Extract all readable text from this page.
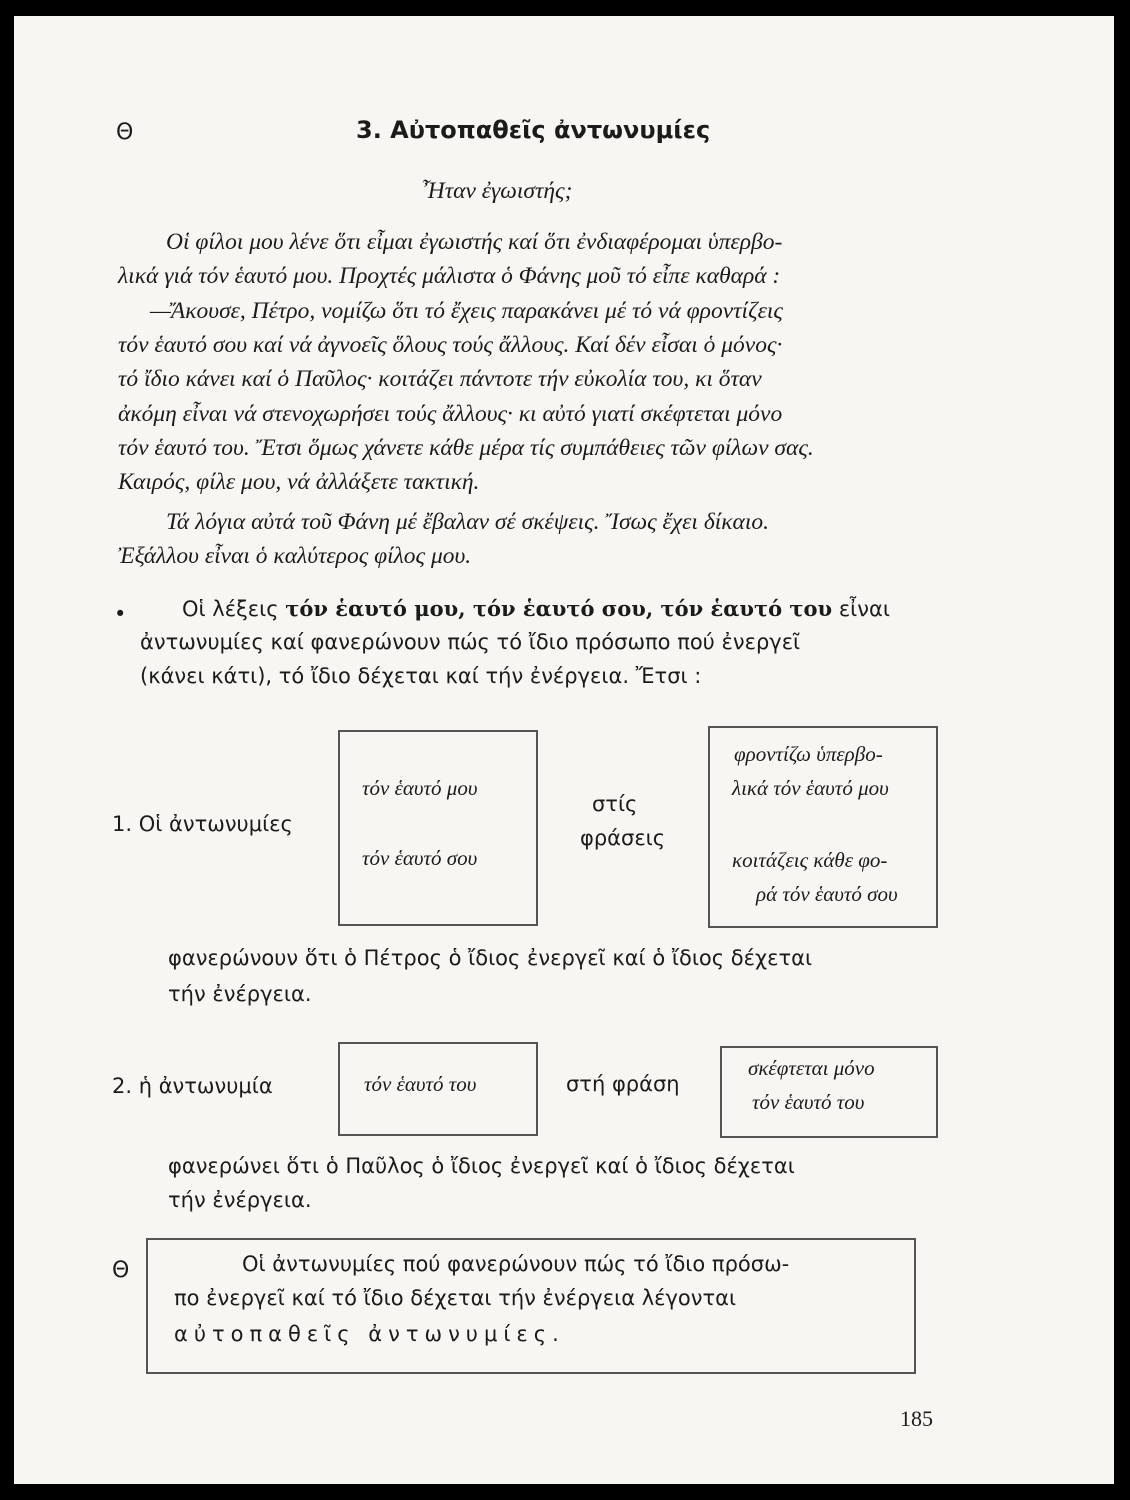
Θ	3. Αὐτοπαθεῖς ἀντωνυμίες
Ἦταν ἐγωιστής;
Οἱ φίλοι μου λένε ὅτι εἶμαι ἐγωιστής καί ὅτι ἐνδιαφέρομαι ὑπερβο-
λικά γιά τόν ἑαυτό μου. Προχτές μάλιστα ὁ Φάνης μοῦ τό εἶπε καθαρά :
—Ἄκουσε, Πέτρο, νομίζω ὅτι τό ἔχεις παρακάνει μέ τό νά φροντίζεις
τόν ἑαυτό σου καί νά ἀγνοεῖς ὅλους τούς ἄλλους. Καί δέν εἶσαι ὁ μόνος·
τό ἴδιο κάνει καί ὁ Παῦλος· κοιτάζει πάντοτε τήν εὐκολία του, κι ὅταν
ἀκόμη εἶναι νά στενοχωρήσει τούς ἄλλους· κι αὐτό γιατί σκέφτεται μόνο
τόν ἑαυτό του. Ἔτσι ὅμως χάνετε κάθε μέρα τίς συμπάθειες τῶν φίλων σας.
Καιρός, φίλε μου, νά ἀλλάξετε τακτική.
Τά λόγια αὐτά τοῦ Φάνη μέ ἔβαλαν σέ σκέψεις. Ἴσως ἔχει δίκαιο.
Ἐξάλλου εἶναι ὁ καλύτερος φίλος μου.
•	Οἱ λέξεις τόν ἑαυτό μου, τόν ἑαυτό σου, τόν ἑαυτό του εἶναι
ἀντωνυμίες καί φανερώνουν πώς τό ἴδιο πρόσωπο πού ἐνεργεῖ
(κάνει κάτι), τό ἴδιο δέχεται καί τήν ἐνέργεια. Ἔτσι :
1. Οἱ ἀντωνυμίες
τόν ἑαυτό μου
τόν ἑαυτό σου
στίς
φράσεις
φροντίζω ὑπερβο-
λικά τόν ἑαυτό μου
κοιτάζεις κάθε φο-
ρά τόν ἑαυτό σου
φανερώνουν ὅτι ὁ Πέτρος ὁ ἴδιος ἐνεργεῖ καί ὁ ἴδιος δέχεται
τήν ἐνέργεια.
2. ἡ ἀντωνυμία	τόν ἑαυτό του	στή φράση
σκέφτεται μόνο
τόν ἑαυτό του
φανερώνει ὅτι ὁ Παῦλος ὁ ἴδιος ἐνεργεῖ καί ὁ ἴδιος δέχεται
τήν ἐνέργεια.
Θ	Οἱ ἀντωνυμίες πού φανερώνουν πώς τό ἴδιο πρόσω-
πο ἐνεργεῖ καί τό ἴδιο δέχεται τήν ἐνέργεια λέγονται
αὐτοπαθεῖς ἀντωνυμίες.
185
